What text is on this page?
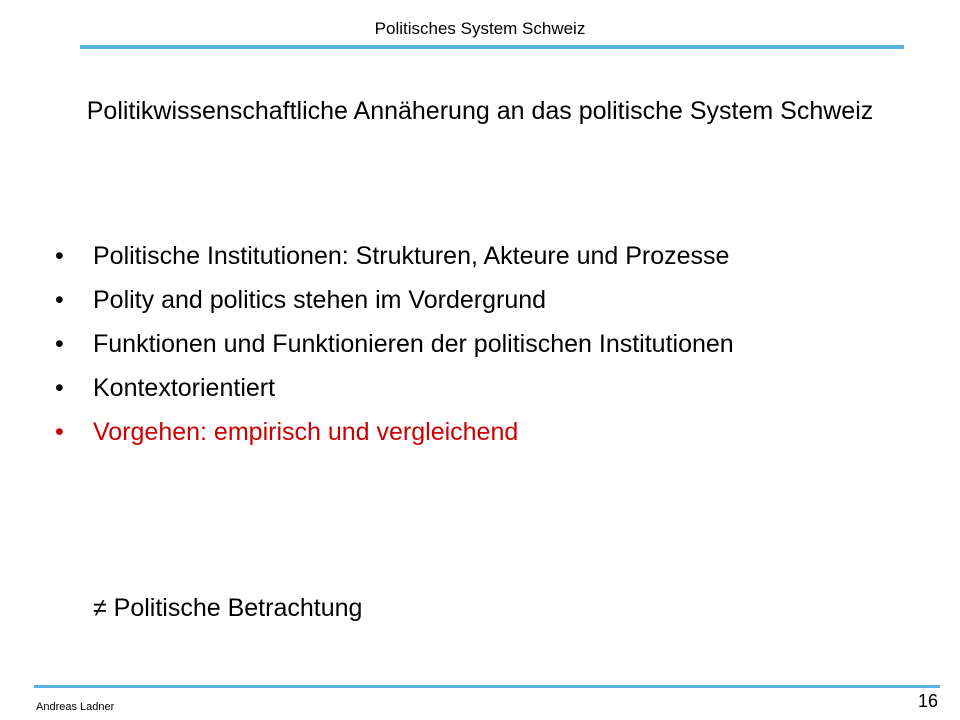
Politisches System Schweiz
Politikwissenschaftliche Annäherung an das politische System Schweiz
• Politische Institutionen: Strukturen, Akteure und Prozesse
• Polity and politics stehen im Vordergrund
• Funktionen und Funktionieren der politischen Institutionen
• Kontextorientiert
• Vorgehen: empirisch und vergleichend
≠ Politische Betrachtung
Andreas Ladner	16
